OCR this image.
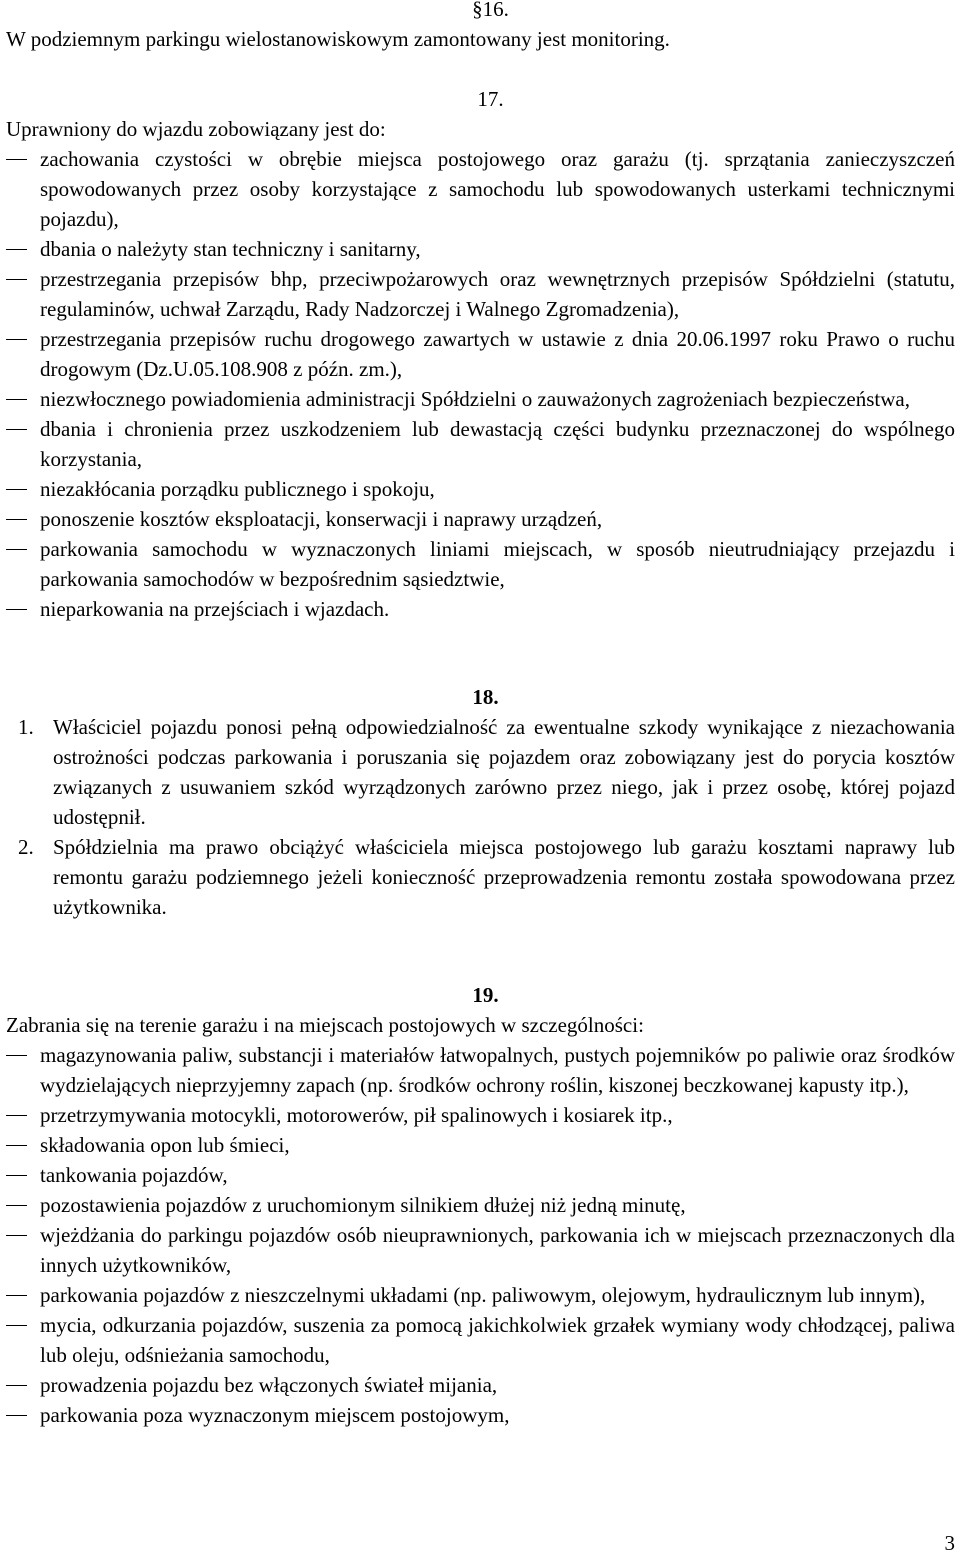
§16.

W podziemnym parkingu wielostanowiskowym zamontowany jest monitoring.

17.

Uprawniony do wjazdu zobowiązany jest do:

zachowania czystości w obrębie miejsca postojowego oraz garażu (tj. sprzątania zanieczyszczeń spowodowanych przez osoby korzystające z samochodu lub spowodowanych usterkami technicznymi pojazdu),
dbania o należyty stan techniczny i sanitarny,
przestrzegania przepisów bhp, przeciwpożarowych oraz wewnętrznych przepisów Spółdzielni (statutu, regulaminów, uchwał Zarządu, Rady Nadzorczej i Walnego Zgromadzenia),
przestrzegania przepisów ruchu drogowego zawartych w ustawie z dnia 20.06.1997 roku Prawo o ruchu drogowym (Dz.U.05.108.908 z późn. zm.),
niezwłocznego powiadomienia administracji Spółdzielni o zauważonych zagrożeniach bezpieczeństwa,
dbania i chronienia przez uszkodzeniem lub dewastacją części budynku przeznaczonej do wspólnego korzystania,
niezakłócania porządku publicznego i spokoju,
ponoszenie kosztów eksploatacji, konserwacji i naprawy urządzeń,
parkowania samochodu w wyznaczonych liniami miejscach, w sposób nieutrudniający przejazdu i parkowania samochodów w bezpośrednim sąsiedztwie,
nieparkowania na przejściach i wjazdach.

18.

1. Właściciel pojazdu ponosi pełną odpowiedzialność za ewentualne szkody wynikające z niezachowania ostrożności podczas parkowania i poruszania się pojazdem oraz zobowiązany jest do porycia kosztów związanych z usuwaniem szkód wyrządzonych zarówno przez niego, jak i przez osobę, której pojazd udostępnił.
2. Spółdzielnia ma prawo obciążyć właściciela miejsca postojowego lub garażu kosztami naprawy lub remontu garażu podziemnego jeżeli konieczność przeprowadzenia remontu została spowodowana przez użytkownika.

19.

Zabrania się na terenie garażu i na miejscach postojowych w szczególności:

magazynowania paliw, substancji i materiałów łatwopalnych, pustych pojemników po paliwie oraz środków wydzielających nieprzyjemny zapach (np. środków ochrony roślin, kiszonej beczkowanej kapusty itp.),
przetrzymywania motocykli, motorowerów, pił spalinowych i kosiarek itp.,
składowania opon lub śmieci,
tankowania pojazdów,
pozostawienia pojazdów z uruchomionym silnikiem dłużej niż jedną minutę,
wjeżdżania do parkingu pojazdów osób nieuprawnionych, parkowania ich w miejscach przeznaczonych dla innych użytkowników,
parkowania pojazdów z nieszczelnymi układami (np. paliwowym, olejowym, hydraulicznym lub innym),
mycia, odkurzania pojazdów, suszenia za pomocą jakichkolwiek grzałek wymiany wody chłodzącej, paliwa lub oleju, odśnieżania samochodu,
prowadzenia pojazdu bez włączonych świateł mijania,
parkowania poza wyznaczonym miejscem postojowym,
3
